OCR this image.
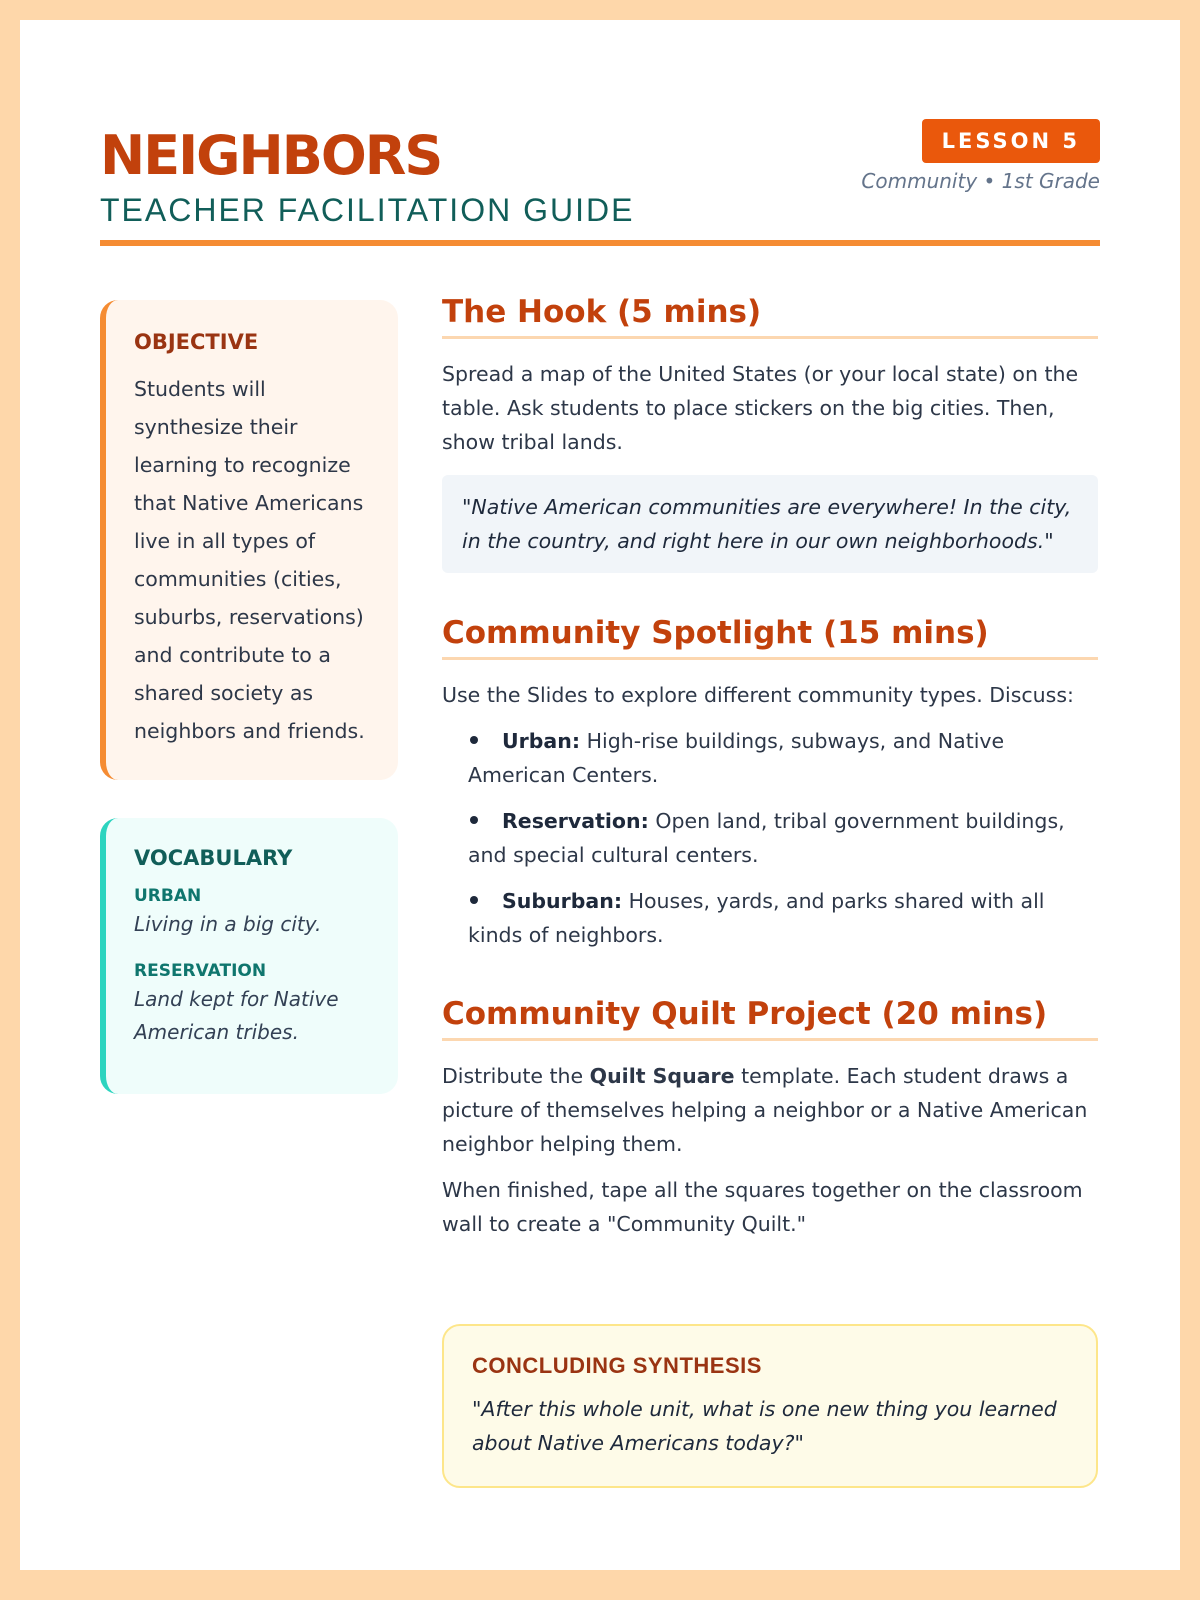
NEIGHBORS
TEACHER FACILITATION GUIDE
LESSON 5
Community • 1st Grade
OBJECTIVE

Students will synthesize their learning to recognize that Native Americans live in all types of communities (cities, suburbs, reservations) and contribute to a shared society as neighbors and friends.

VOCABULARY

URBAN

Living in a big city.

RESERVATION

Land kept for Native American tribes.

The Hook (5 mins)

Spread a map of the United States (or your local state) on the table. Ask students to place stickers on the big cities. Then, show tribal lands.

"Native American communities are everywhere! In the city, in the country, and right here in our own neighborhoods."
Community Spotlight (15 mins)

Use the Slides to explore different community types. Discuss:

Urban: High-rise buildings, subways, and Native American Centers.
Reservation: Open land, tribal government buildings, and special cultural centers.
Suburban: Houses, yards, and parks shared with all kinds of neighbors.
Community Quilt Project (20 mins)

Distribute the Quilt Square template. Each student draws a picture of themselves helping a neighbor or a Native American neighbor helping them.

When finished, tape all the squares together on the classroom wall to create a "Community Quilt."

CONCLUDING SYNTHESIS

"After this whole unit, what is one new thing you learned about Native Americans today?"
